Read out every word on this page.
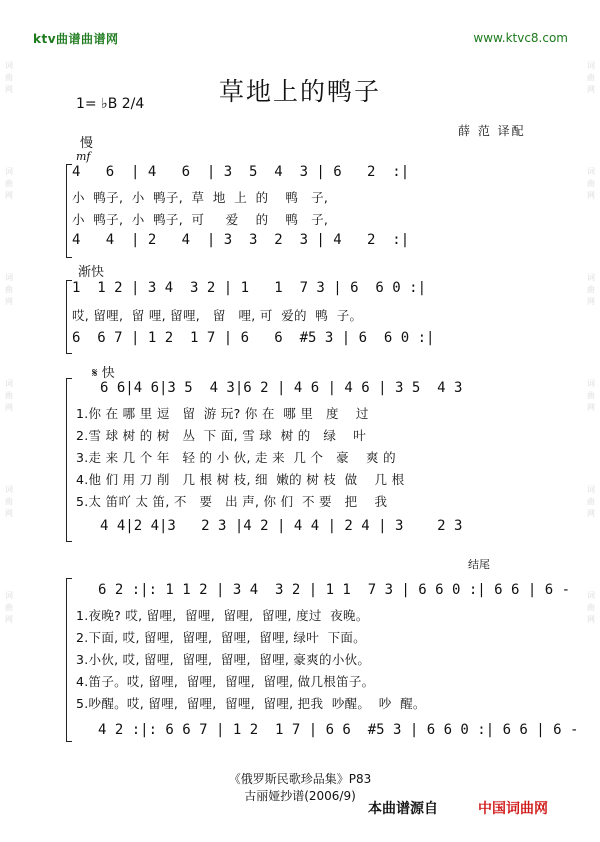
ktv曲谱曲谱网	www.ktvc8.com
词
曲
网
词
曲
网
词
曲
网
词
曲
网
词
曲
网
词
曲
网
词
曲
网
词
曲
网
词
曲
网
词
曲
网
词
曲
网
词
曲
网
草地上的鸭子
1= ♭B 2/4
薛 范 译配
慢
mf
4   6  | 4   6  | 3  5  4  3 | 6   2  :|
小  鸭子,  小  鸭子,  草  地  上  的    鸭   子,
小  鸭子,  小  鸭子,  可     爱    的    鸭   子,
4   4  | 2   4  | 3  3  2  3 | 4   2  :|
渐快
1  1 2 | 3 4  3 2 | 1   1  7 3 | 6  6 0 :|
哎, 留哩,  留 哩, 留哩,   留   哩, 可  爱的  鸭  子。
6  6 7 | 1 2  1 7 | 6   6  #5 3 | 6  6 0 :|
𝄋 快
6 6|4 6|3 5  4 3|6 2 | 4 6 | 4 6 | 3 5  4 3
1.你 在 哪 里 逗   留  游 玩? 你 在  哪 里   度    过
2.雪 球 树 的 树   丛  下 面, 雪 球  树 的   绿    叶
3.走 来 几 个 年   轻 的 小 伙, 走 来  几 个   豪    爽 的
4.他 们 用 刀 削   几 根 树 枝, 细  嫩的 树 枝  做    几 根
5.太 笛吖 太 笛, 不   要   出 声, 你 们  不 要   把    我
4 4|2 4|3   2 3 |4 2 | 4 4 | 2 4 | 3    2 3
结尾
6 2 :|: 1 1 2 | 3 4  3 2 | 1 1  7 3 | 6 6 0 :| 6 6 | 6 -
1.夜晚? 哎, 留哩,  留哩,  留哩,  留哩, 度过  夜晚。
2.下面, 哎, 留哩,  留哩,  留哩,  留哩, 绿叶  下面。
3.小伙, 哎, 留哩,  留哩,  留哩,  留哩, 豪爽的小伙。
4.笛子。哎, 留哩,  留哩,  留哩,  留哩, 做几根笛子。
5.吵醒。哎, 留哩,  留哩,  留哩,  留哩, 把我  吵醒。  吵  醒。
4 2 :|: 6 6 7 | 1 2  1 7 | 6 6  #5 3 | 6 6 0 :| 6 6 | 6 -
《俄罗斯民歌珍品集》P83
古丽娅抄谱(2006/9)
本曲谱源自	中国词曲网
